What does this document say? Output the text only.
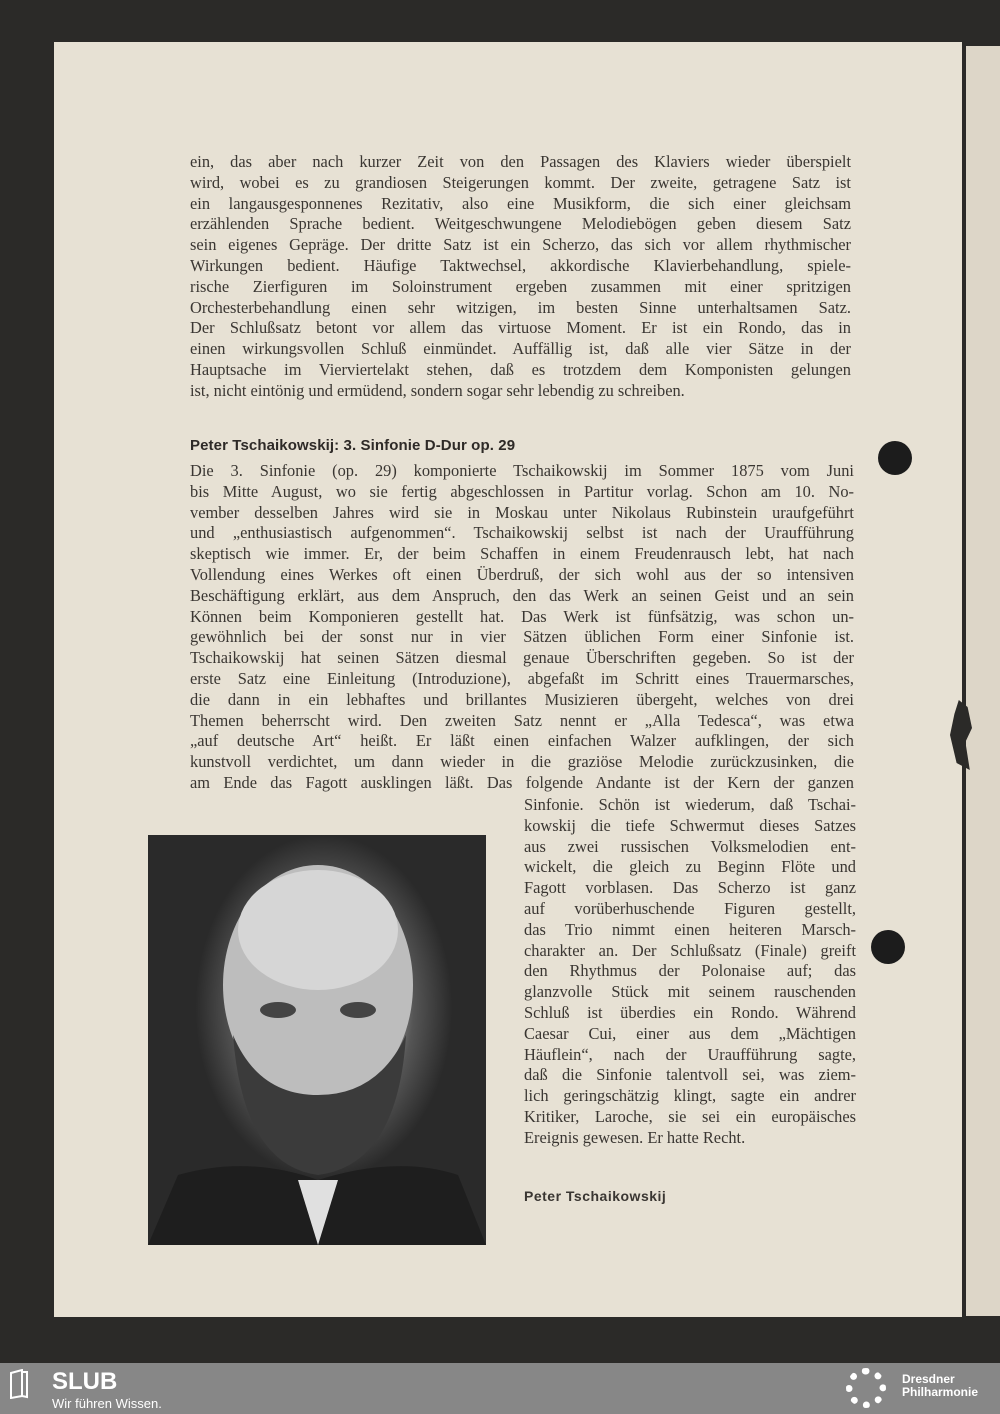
ein, das aber nach kurzer Zeit von den Passagen des Klaviers wieder überspielt
wird, wobei es zu grandiosen Steigerungen kommt. Der zweite, getragene Satz ist
ein langausgesponnenes Rezitativ, also eine Musikform, die sich einer gleichsam
erzählenden Sprache bedient. Weitgeschwungene Melodiebögen geben diesem Satz
sein eigenes Gepräge. Der dritte Satz ist ein Scherzo, das sich vor allem rhythmischer
Wirkungen bedient. Häufige Taktwechsel, akkordische Klavierbehandlung, spiele-
rische Zierfiguren im Soloinstrument ergeben zusammen mit einer spritzigen
Orchesterbehandlung einen sehr witzigen, im besten Sinne unterhaltsamen Satz.
Der Schlußsatz betont vor allem das virtuose Moment. Er ist ein Rondo, das in
einen wirkungsvollen Schluß einmündet. Auffällig ist, daß alle vier Sätze in der
Hauptsache im Vierviertelakt stehen, daß es trotzdem dem Komponisten gelungen
ist, nicht eintönig und ermüdend, sondern sogar sehr lebendig zu schreiben.
Peter Tschaikowskij: 3. Sinfonie D-Dur op. 29
Die 3. Sinfonie (op. 29) komponierte Tschaikowskij im Sommer 1875 vom Juni
bis Mitte August, wo sie fertig abgeschlossen in Partitur vorlag. Schon am 10. No-
vember desselben Jahres wird sie in Moskau unter Nikolaus Rubinstein uraufgeführt
und „enthusiastisch aufgenommen“. Tschaikowskij selbst ist nach der Uraufführung
skeptisch wie immer. Er, der beim Schaffen in einem Freudenrausch lebt, hat nach
Vollendung eines Werkes oft einen Überdruß, der sich wohl aus der so intensiven
Beschäftigung erklärt, aus dem Anspruch, den das Werk an seinen Geist und an sein
Können beim Komponieren gestellt hat. Das Werk ist fünfsätzig, was schon un-
gewöhnlich bei der sonst nur in vier Sätzen üblichen Form einer Sinfonie ist.
Tschaikowskij hat seinen Sätzen diesmal genaue Überschriften gegeben. So ist der
erste Satz eine Einleitung (Introduzione), abgefaßt im Schritt eines Trauermarsches,
die dann in ein lebhaftes und brillantes Musizieren übergeht, welches von drei
Themen beherrscht wird. Den zweiten Satz nennt er „Alla Tedesca“, was etwa
„auf deutsche Art“ heißt. Er läßt einen einfachen Walzer aufklingen, der sich
kunstvoll verdichtet, um dann wieder in die graziöse Melodie zurückzusinken, die
am Ende das Fagott ausklingen läßt. Das folgende Andante ist der Kern der ganzen
Sinfonie. Schön ist wiederum, daß Tschai-
kowskij die tiefe Schwermut dieses Satzes
aus zwei russischen Volksmelodien ent-
wickelt, die gleich zu Beginn Flöte und
Fagott vorblasen. Das Scherzo ist ganz
auf vorüberhuschende Figuren gestellt,
das Trio nimmt einen heiteren Marsch-
charakter an. Der Schlußsatz (Finale) greift
den Rhythmus der Polonaise auf; das
glanzvolle Stück mit seinem rauschenden
Schluß ist überdies ein Rondo. Während
Caesar Cui, einer aus dem „Mächtigen
Häuflein“, nach der Uraufführung sagte,
daß die Sinfonie talentvoll sei, was ziem-
lich geringschätzig klingt, sagte ein andrer
Kritiker, Laroche, sie sei ein europäisches
Ereignis gewesen. Er hatte Recht.
Peter Tschaikowskij
SLUB
Wir führen Wissen.
Dresdner
Philharmonie
